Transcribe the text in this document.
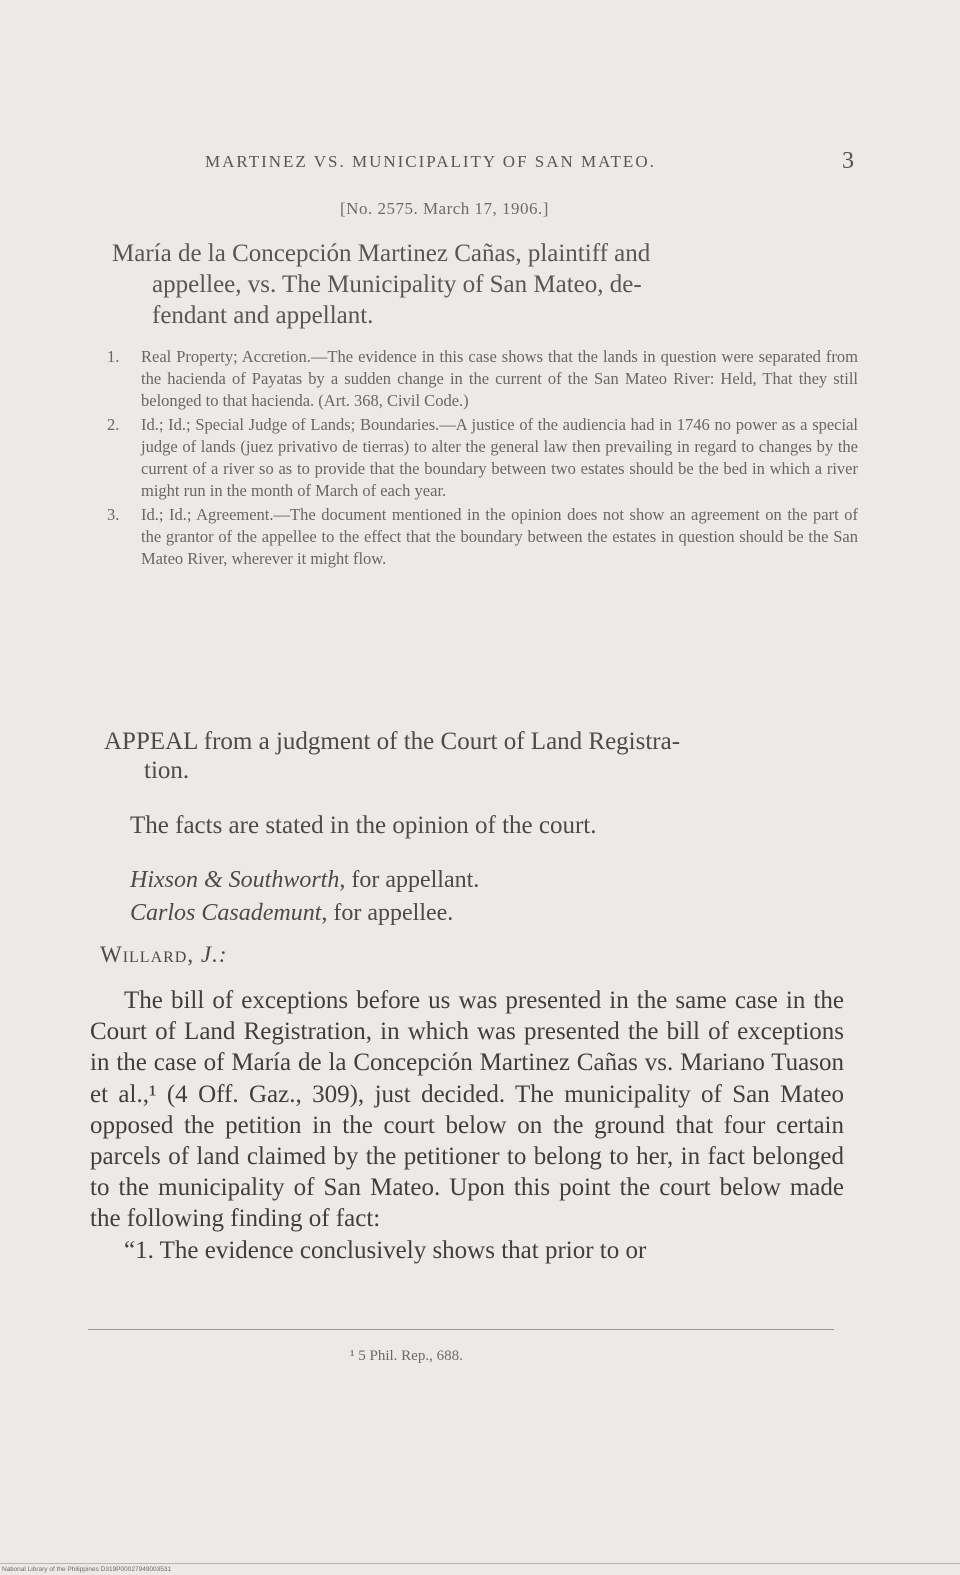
MARTINEZ VS. MUNICIPALITY OF SAN MATEO.	3
[No. 2575. March 17, 1906.]
María de la Concepción Martinez Cañas, plaintiff and
appellee, vs. The Municipality of San Mateo, de-
fendant and appellant.
1. Real Property; Accretion.—The evidence in this case shows that the lands in question were separated from the hacienda of Payatas by a sudden change in the current of the San Mateo River: Held, That they still belonged to that hacienda. (Art. 368, Civil Code.)
2. Id.; Id.; Special Judge of Lands; Boundaries.—A justice of the audiencia had in 1746 no power as a special judge of lands (juez privativo de tierras) to alter the general law then prevailing in regard to changes by the current of a river so as to provide that the boundary between two estates should be the bed in which a river might run in the month of March of each year.
3. Id.; Id.; Agreement.—The document mentioned in the opinion does not show an agreement on the part of the grantor of the appellee to the effect that the boundary between the estates in question should be the San Mateo River, wherever it might flow.
APPEAL from a judgment of the Court of Land Registra-
tion.
The facts are stated in the opinion of the court.
Hixson & Southworth, for appellant.
Carlos Casademunt, for appellee.
Willard, J.:

The bill of exceptions before us was presented in the same case in the Court of Land Registration, in which was presented the bill of exceptions in the case of María de la Concepción Martinez Cañas vs. Mariano Tuason et al.,¹ (4 Off. Gaz., 309), just decided. The municipality of San Mateo opposed the petition in the court below on the ground that four certain parcels of land claimed by the petitioner to belong to her, in fact belonged to the municipality of San Mateo. Upon this point the court below made the following finding of fact:

“1. The evidence conclusively shows that prior to or

¹ 5 Phil. Rep., 688.
National Library of the Philippines D319P00027949003531
